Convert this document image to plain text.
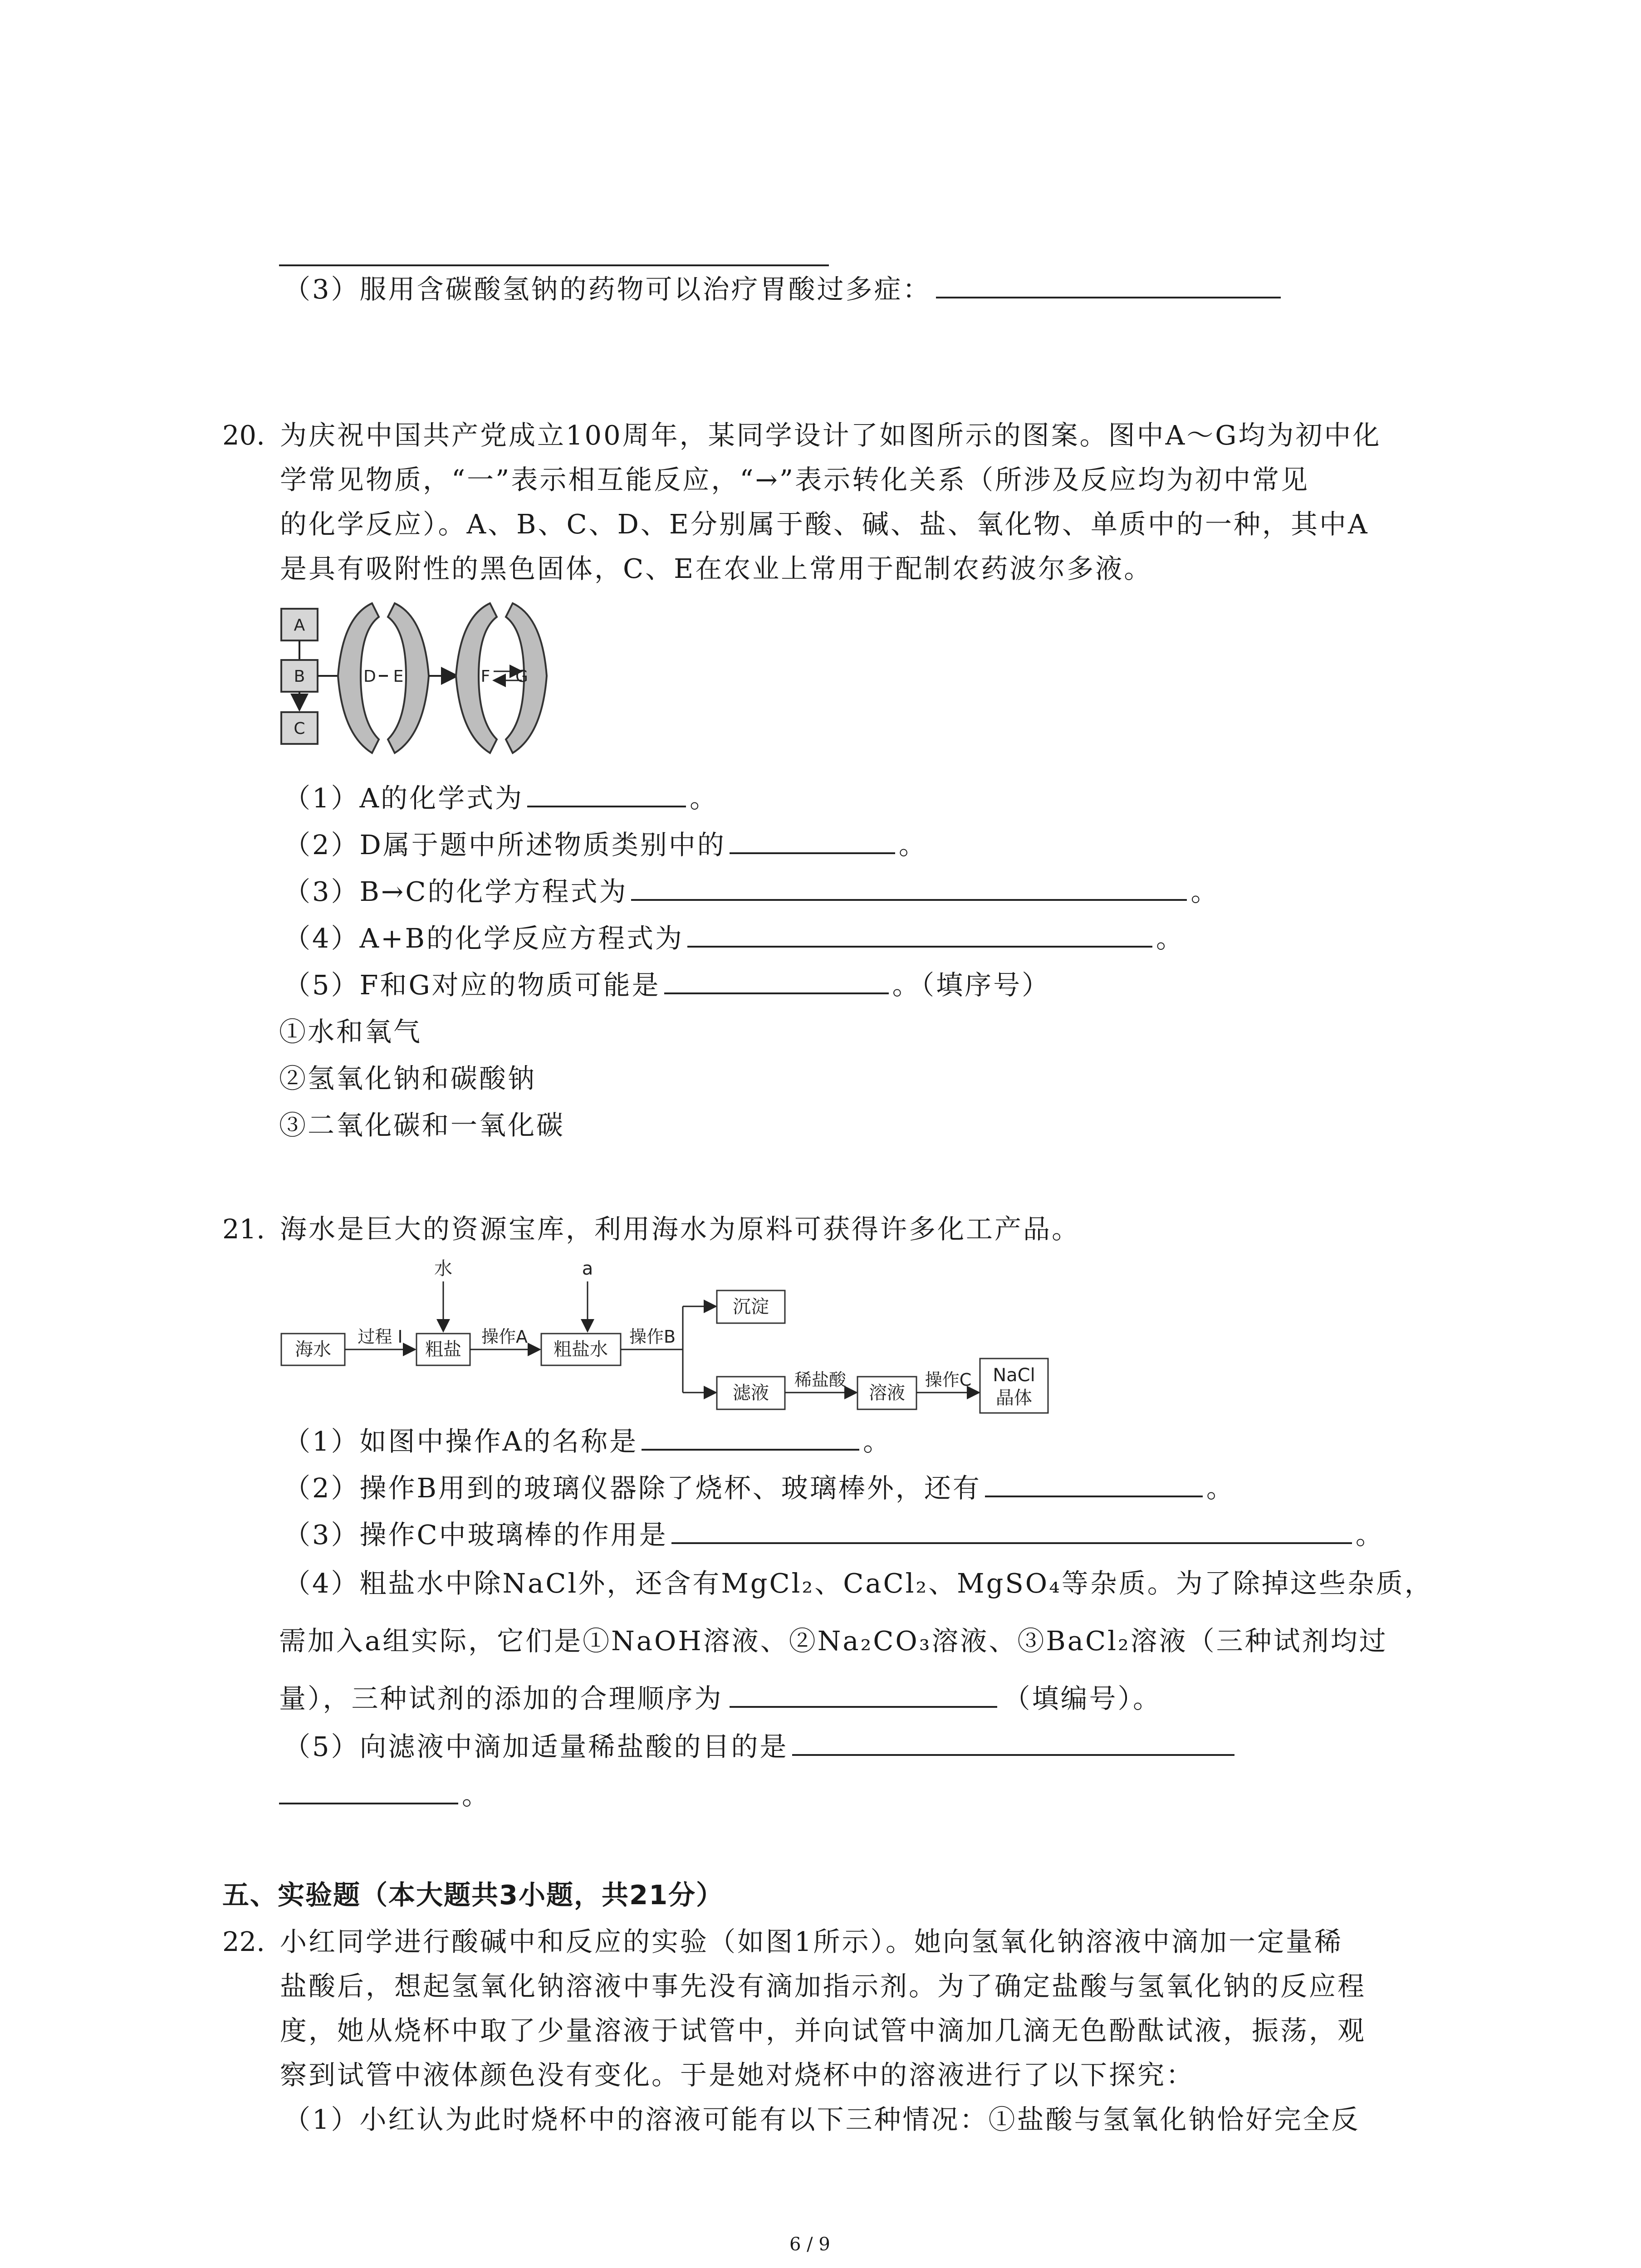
（3）服用含碳酸氢钠的药物可以治疗胃酸过多症：
20. 为庆祝中国共产党成立100周年，某同学设计了如图所示的图案。图中A～G均为初中化
学常见物质，“一”表示相互能反应，“→”表示转化关系（所涉及反应均为初中常见
的化学反应）。A、B、C、D、E分别属于酸、碱、盐、氧化物、单质中的一种，其中A
是具有吸附性的黑色固体，C、E在农业上常用于配制农药波尔多液。
A
B
C
D E	F G
（1）A的化学式为	。
（2）D属于题中所述物质类别中的	。
（3）B→C的化学方程式为	。
（4）A+B的化学反应方程式为	。
（5）F和G对应的物质可能是	。（填序号）
①水和氧气
②氢氧化钠和碳酸钠
③二氧化碳和一氧化碳
21. 海水是巨大的资源宝库，利用海水为原料可获得许多化工产品。
水	a
海水
过程 I
粗盐
操作A
粗盐水
操作B
沉淀
滤液
稀盐酸
溶液
操作C NaCl
晶体
（1）如图中操作A的名称是	。
（2）操作B用到的玻璃仪器除了烧杯、玻璃棒外，还有	。
（3）操作C中玻璃棒的作用是	。
（4）粗盐水中除NaCl外，还含有MgCl₂、CaCl₂、MgSO₄等杂质。为了除掉这些杂质，
需加入a组实际，它们是①NaOH溶液、②Na₂CO₃溶液、③BaCl₂溶液（三种试剂均过
量），三种试剂的添加的合理顺序为	（填编号）。
（5）向滤液中滴加适量稀盐酸的目的是
。
五、实验题（本大题共3小题，共21分）
22. 小红同学进行酸碱中和反应的实验（如图1所示）。她向氢氧化钠溶液中滴加一定量稀
盐酸后，想起氢氧化钠溶液中事先没有滴加指示剂。为了确定盐酸与氢氧化钠的反应程
度，她从烧杯中取了少量溶液于试管中，并向试管中滴加几滴无色酚酞试液，振荡，观
察到试管中液体颜色没有变化。于是她对烧杯中的溶液进行了以下探究：
（1）小红认为此时烧杯中的溶液可能有以下三种情况：①盐酸与氢氧化钠恰好完全反
6 / 9
